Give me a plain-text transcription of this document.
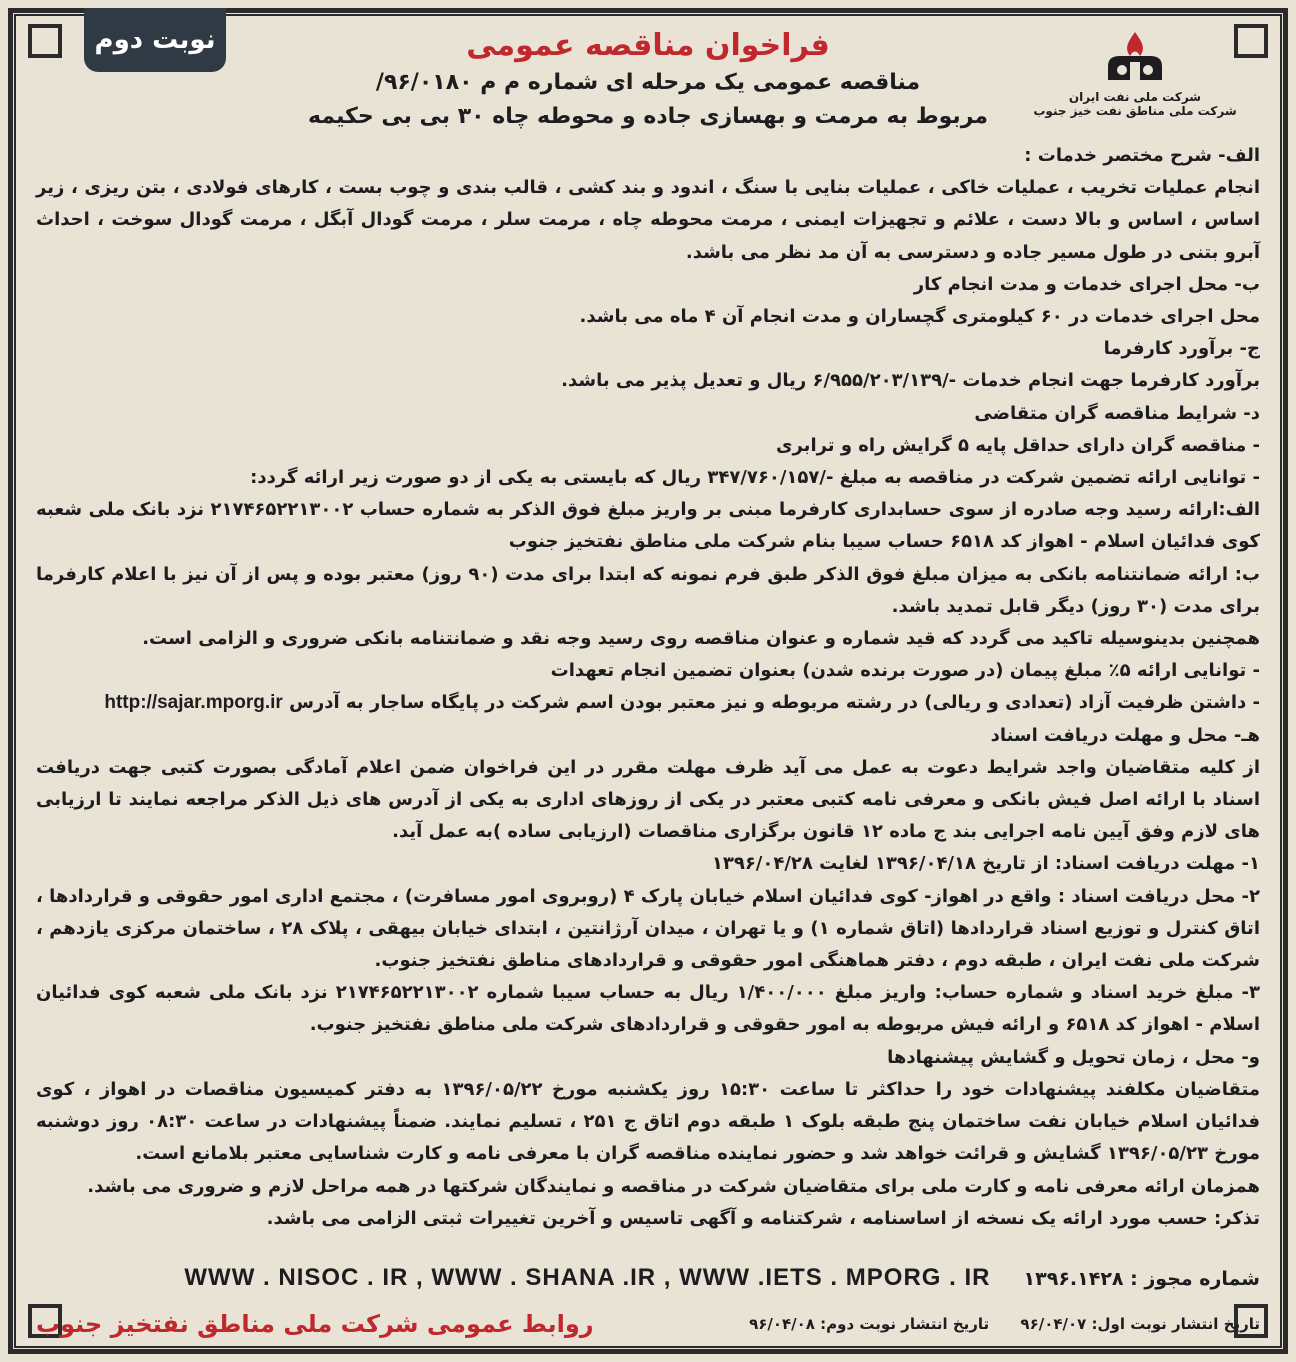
نوبت دوم
شرکت ملی نفت ایران
شرکت ملی مناطق نفت خیز جنوب
فراخوان مناقصه عمومی
مناقصه عمومی یک مرحله ای شماره م م ۹۶/۰۱۸۰/
مربوط به مرمت و بهسازی جاده و محوطه چاه ۳۰ بی بی حکیمه

الف- شرح مختصر خدمات :

انجام عملیات تخریب ، عملیات خاکی ، عملیات بنایی با سنگ ، اندود و بند کشی ، قالب بندی و چوب بست ، کارهای فولادی ، بتن ریزی ، زیر اساس ، اساس و بالا دست ، علائم و تجهیزات ایمنی ، مرمت محوطه چاه ، مرمت سلر ، مرمت گودال آبگل ، مرمت گودال سوخت ، احداث آبرو بتنی در طول مسیر جاده و دسترسی به آن مد نظر می باشد.

ب- محل اجرای خدمات و مدت انجام کار

محل اجرای خدمات در ۶۰ کیلومتری گچساران و مدت انجام آن ۴ ماه می باشد.

ج- برآورد کارفرما

برآورد کارفرما جهت انجام خدمات -/۶/۹۵۵/۲۰۳/۱۳۹ ریال و تعدیل پذیر می باشد.

د- شرایط مناقصه گران متقاضی

- مناقصه گران دارای حداقل پایه ۵ گرایش راه و ترابری

- توانایی ارائه تضمین شرکت در مناقصه به مبلغ -/۳۴۷/۷۶۰/۱۵۷ ریال که بایستی به یکی از دو صورت زیر ارائه گردد:

الف:ارائه رسید وجه صادره از سوی حسابداری کارفرما مبنی بر واریز مبلغ فوق الذکر به شماره حساب ۲۱۷۴۶۵۲۲۱۳۰۰۲ نزد بانک ملی شعبه کوی فدائیان اسلام - اهواز کد ۶۵۱۸ حساب سیبا بنام شرکت ملی مناطق نفتخیز جنوب

ب: ارائه ضمانتنامه بانکی به میزان مبلغ فوق الذکر طبق فرم نمونه که ابتدا برای مدت (۹۰ روز) معتبر بوده و پس از آن نیز با اعلام کارفرما برای مدت (۳۰ روز) دیگر قابل تمدید باشد.

همچنین بدینوسیله تاکید می گردد که قید شماره و عنوان مناقصه روی رسید وجه نقد و ضمانتنامه بانکی ضروری و الزامی است.

- توانایی ارائه ۵٪ مبلغ پیمان (در صورت برنده شدن) بعنوان تضمین انجام تعهدات

- داشتن ظرفیت آزاد (تعدادی و ریالی) در رشته مربوطه و نیز معتبر بودن اسم شرکت در پایگاه ساجار به آدرس http://sajar.mporg.ir

هـ- محل و مهلت دریافت اسناد

از کلیه متقاضیان واجد شرایط دعوت به عمل می آید ظرف مهلت مقرر در این فراخوان ضمن اعلام آمادگی بصورت کتبی جهت دریافت اسناد با ارائه اصل فیش بانکی و معرفی نامه کتبی معتبر در یکی از روزهای اداری به یکی از آدرس های ذیل الذکر مراجعه نمایند تا ارزیابی های لازم وفق آیین نامه اجرایی بند ج ماده ۱۲ قانون برگزاری مناقصات (ارزیابی ساده )به عمل آید.

۱- مهلت دریافت اسناد: از تاریخ ۱۳۹۶/۰۴/۱۸ لغایت ۱۳۹۶/۰۴/۲۸

۲- محل دریافت اسناد : واقع در اهواز- کوی فدائیان اسلام خیابان پارک ۴ (روبروی امور مسافرت) ، مجتمع اداری امور حقوقی و قراردادها ، اتاق کنترل و توزیع اسناد قراردادها (اتاق شماره ۱) و یا تهران ، میدان آرژانتین ، ابتدای خیابان بیهقی ، پلاک ۲۸ ، ساختمان مرکزی یازدهم ، شرکت ملی نفت ایران ، طبقه دوم ، دفتر هماهنگی امور حقوقی و قراردادهای مناطق نفتخیز جنوب.

۳- مبلغ خرید اسناد و شماره حساب: واریز مبلغ ۱/۴۰۰/۰۰۰ ریال به حساب سیبا شماره ۲۱۷۴۶۵۲۲۱۳۰۰۲ نزد بانک ملی شعبه کوی فدائیان اسلام - اهواز کد ۶۵۱۸ و ارائه فیش مربوطه به امور حقوقی و قراردادهای شرکت ملی مناطق نفتخیز جنوب.

و- محل ، زمان تحویل و گشایش پیشنهادها

متقاضیان مکلفند پیشنهادات خود را حداکثر تا ساعت ۱۵:۳۰ روز یکشنبه مورخ ۱۳۹۶/۰۵/۲۲ به دفتر کمیسیون مناقصات در اهواز ، کوی فدائیان اسلام خیابان نفت ساختمان پنج طبقه بلوک ۱ طبقه دوم اتاق ج ۲۵۱ ، تسلیم نمایند. ضمناً پیشنهادات در ساعت ۰۸:۳۰ روز دوشنبه مورخ ۱۳۹۶/۰۵/۲۳ گشایش و قرائت خواهد شد و حضور نماینده مناقصه گران با معرفی نامه و کارت شناسایی معتبر بلامانع است.

همزمان ارائه معرفی نامه و کارت ملی برای متقاضیان شرکت در مناقصه و نمایندگان شرکتها در همه مراحل لازم و ضروری می باشد.

تذکر: حسب مورد ارائه یک نسخه از اساسنامه ، شرکتنامه و آگهی تاسیس و آخرین تغییرات ثبتی الزامی می باشد.

شماره مجوز : ۱۳۹۶.۱۴۲۸     WWW . NISOC . IR , WWW . SHANA .IR , WWW .IETS . MPORG . IR
تاریخ انتشار نوبت اول: ۹۶/۰۴/۰۷ تاریخ انتشار نوبت دوم: ۹۶/۰۴/۰۸
روابط عمومی شرکت ملی مناطق نفتخیز جنوب
